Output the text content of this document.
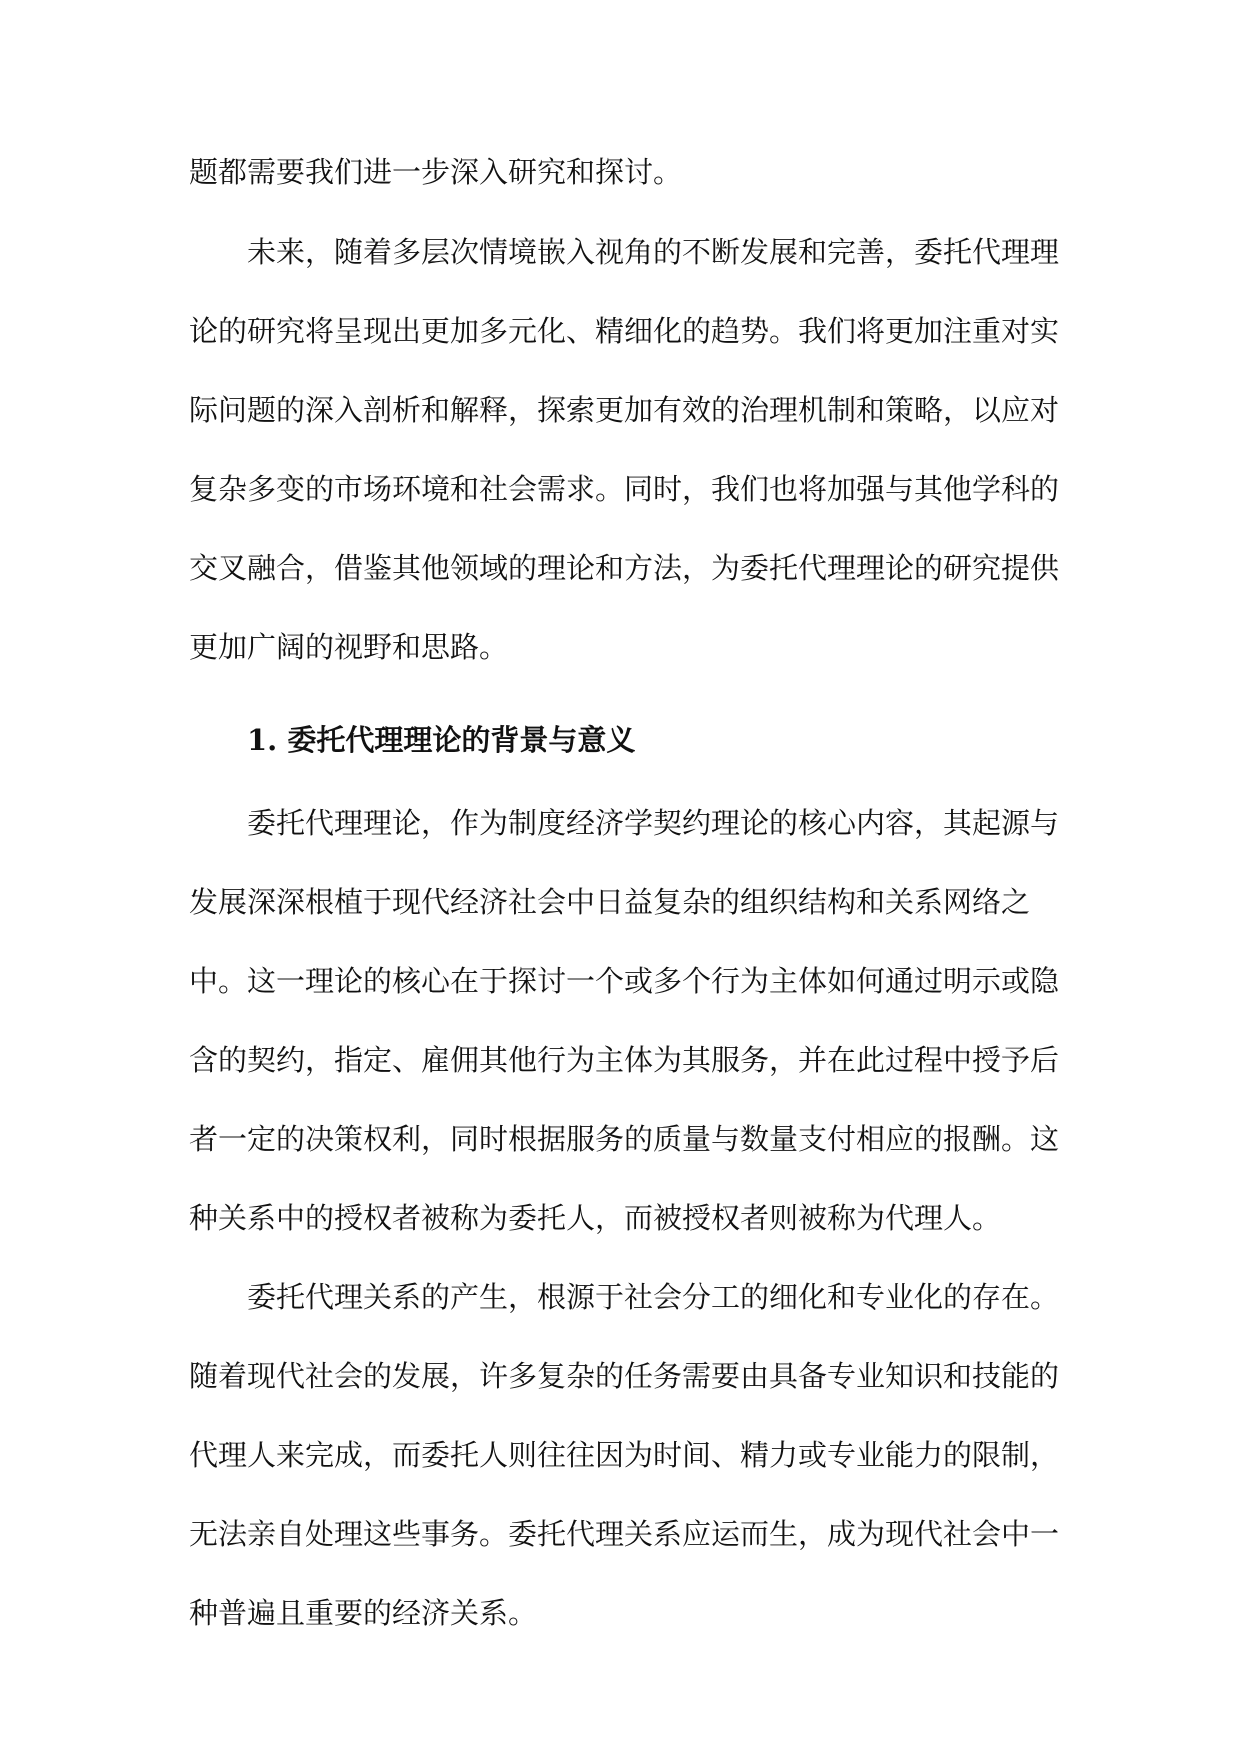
题都需要我们进一步深入研究和探讨。

未来，随着多层次情境嵌入视角的不断发展和完善，委托代理理

论的研究将呈现出更加多元化、精细化的趋势。我们将更加注重对实

际问题的深入剖析和解释，探索更加有效的治理机制和策略，以应对

复杂多变的市场环境和社会需求。同时，我们也将加强与其他学科的

交叉融合，借鉴其他领域的理论和方法，为委托代理理论的研究提供

更加广阔的视野和思路。

1. 委托代理理论的背景与意义

委托代理理论，作为制度经济学契约理论的核心内容，其起源与

发展深深根植于现代经济社会中日益复杂的组织结构和关系网络之

中。这一理论的核心在于探讨一个或多个行为主体如何通过明示或隐

含的契约，指定、雇佣其他行为主体为其服务，并在此过程中授予后

者一定的决策权利，同时根据服务的质量与数量支付相应的报酬。这

种关系中的授权者被称为委托人，而被授权者则被称为代理人。

委托代理关系的产生，根源于社会分工的细化和专业化的存在。

随着现代社会的发展，许多复杂的任务需要由具备专业知识和技能的

代理人来完成，而委托人则往往因为时间、精力或专业能力的限制，

无法亲自处理这些事务。委托代理关系应运而生，成为现代社会中一

种普遍且重要的经济关系。
